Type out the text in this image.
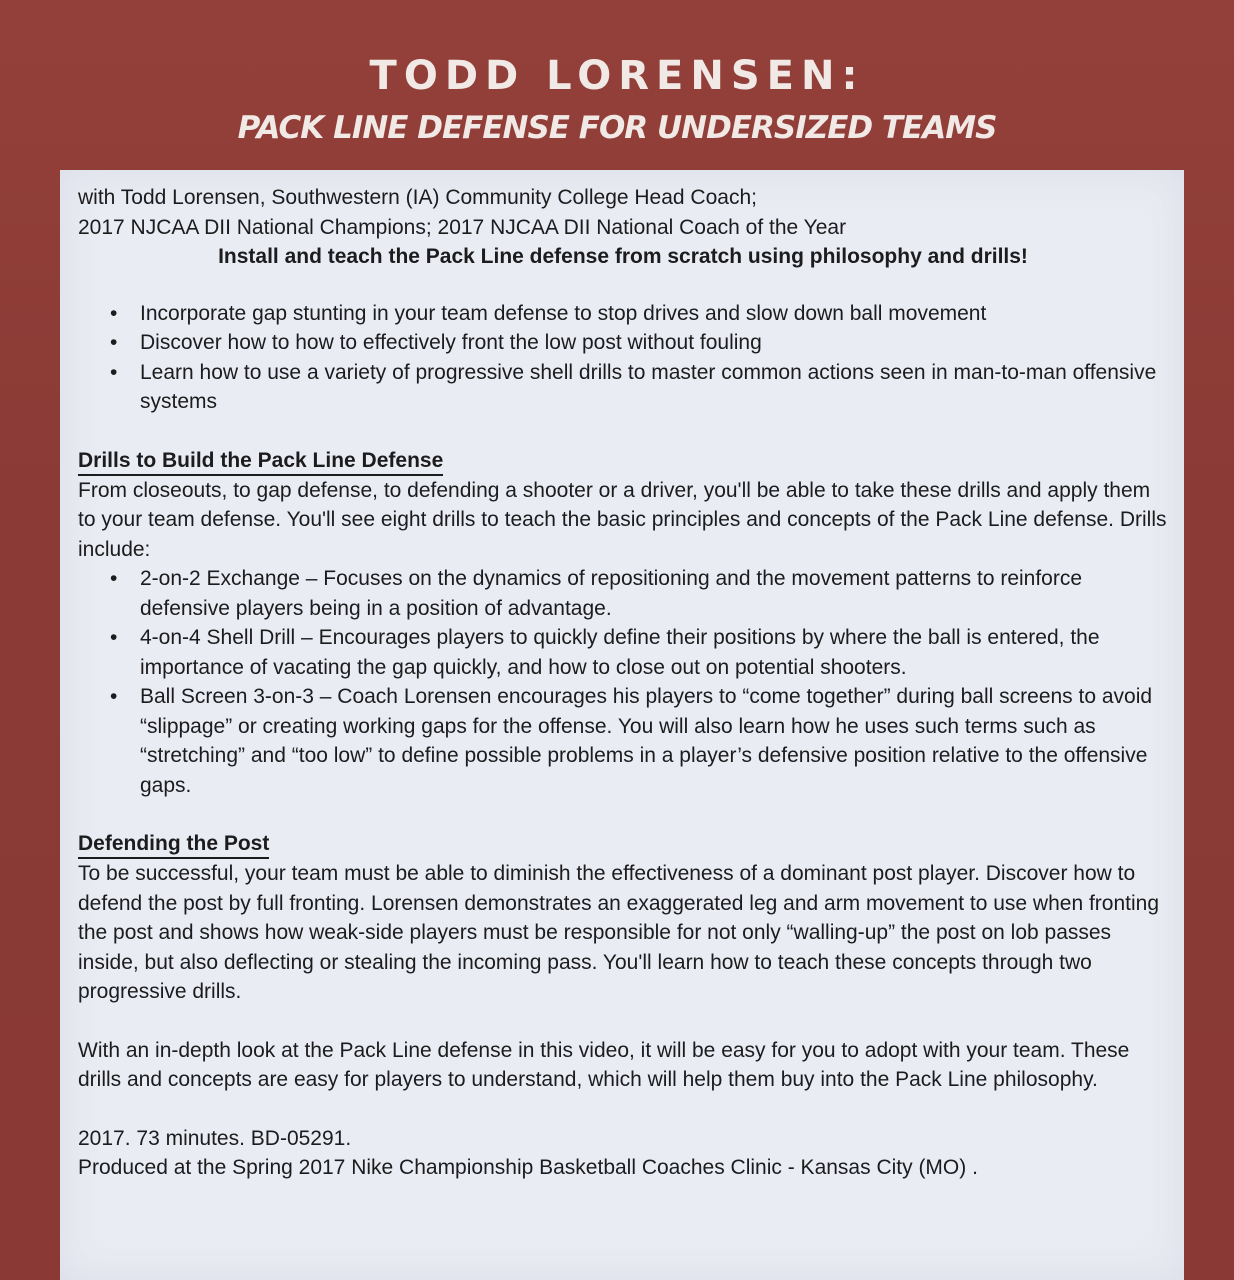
TODD LORENSEN:
PACK LINE DEFENSE FOR UNDERSIZED TEAMS

with Todd Lorensen, Southwestern (IA) Community College Head Coach;
2017 NJCAA DII National Champions; 2017 NJCAA DII National Coach of the Year

Install and teach the Pack Line defense from scratch using philosophy and drills!

• Incorporate gap stunting in your team defense to stop drives and slow down ball movement
• Discover how to how to effectively front the low post without fouling
• Learn how to use a variety of progressive shell drills to master common actions seen in man-to-man offensive systems
Drills to Build the Pack Line Defense

From closeouts, to gap defense, to defending a shooter or a driver, you'll be able to take these drills and apply them to your team defense. You'll see eight drills to teach the basic principles and concepts of the Pack Line defense. Drills include:

• 2-on-2 Exchange – Focuses on the dynamics of repositioning and the movement patterns to reinforce defensive players being in a position of advantage.
• 4-on-4 Shell Drill – Encourages players to quickly define their positions by where the ball is entered, the importance of vacating the gap quickly, and how to close out on potential shooters.
• Ball Screen 3-on-3 – Coach Lorensen encourages his players to “come together” during ball screens to avoid “slippage” or creating working gaps for the offense. You will also learn how he uses such terms such as “stretching” and “too low” to define possible problems in a player’s defensive position relative to the offensive gaps.
Defending the Post

To be successful, your team must be able to diminish the effectiveness of a dominant post player. Discover how to defend the post by full fronting. Lorensen demonstrates an exaggerated leg and arm movement to use when fronting the post and shows how weak-side players must be responsible for not only “walling-up” the post on lob passes inside, but also deflecting or stealing the incoming pass. You'll learn how to teach these concepts through two progressive drills.

With an in-depth look at the Pack Line defense in this video, it will be easy for you to adopt with your team. These drills and concepts are easy for players to understand, which will help them buy into the Pack Line philosophy.

2017. 73 minutes. BD-05291.
Produced at the Spring 2017 Nike Championship Basketball Coaches Clinic - Kansas City (MO) .
